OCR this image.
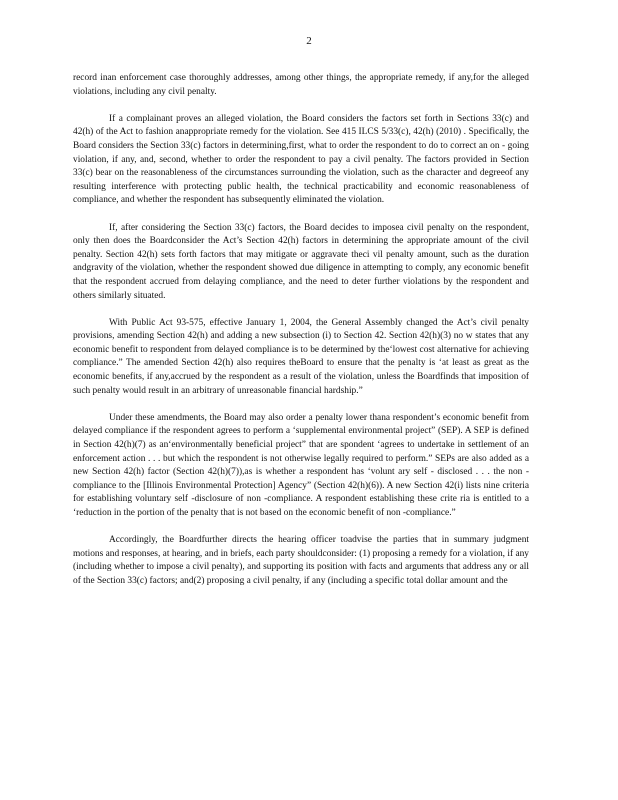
2

record inan enforcement case thoroughly addresses, among other things, the appropriate remedy, if any,for the alleged violations, including any civil penalty.

If a complainant proves an alleged violation, the Board considers the factors set forth in Sections 33(c) and 42(h) of the Act to fashion anappropriate remedy for the violation. See 415 ILCS 5/33(c), 42(h) (2010) . Specifically, the Board considers the Section 33(c) factors in determining,first, what to order the respondent to do to correct an on - going violation, if any, and, second, whether to order the respondent to pay a civil penalty. The factors provided in Section 33(c) bear on the reasonableness of the circumstances surrounding the violation, such as the character and degreeof any resulting interference with protecting public health, the technical practicability and economic reasonableness of compliance, and whether the respondent has subsequently eliminated the violation.

If, after considering the Section 33(c) factors, the Board decides to imposea civil penalty on the respondent, only then does the Boardconsider the Act’s Section 42(h) factors in determining the appropriate amount of the civil penalty. Section 42(h) sets forth factors that may mitigate or aggravate theci vil penalty amount, such as the duration andgravity of the violation, whether the respondent showed due diligence in attempting to comply, any economic benefit that the respondent accrued from delaying compliance, and the need to deter further violations by the respondent and others similarly situated.

With Public Act 93-575, effective January 1, 2004, the General Assembly changed the Act’s civil penalty provisions, amending Section 42(h) and adding a new subsection (i) to Section 42. Section 42(h)(3) no w states that any economic benefit to respondent from delayed compliance is to be determined by the‘lowest cost alternative for achieving compliance.” The amended Section 42(h) also requires theBoard to ensure that the penalty is ‘at least as great as the economic benefits, if any,accrued by the respondent as a result of the violation, unless the Boardfinds that imposition of such penalty would result in an arbitrary of unreasonable financial hardship.”

Under these amendments, the Board may also order a penalty lower thana respondent’s economic benefit from delayed compliance if the respondent agrees to perform a ‘supplemental environmental project” (SEP). A SEP is defined in Section 42(h)(7) as an‘environmentally beneficial project” that are spondent ‘agrees to undertake in settlement of an enforcement action . . . but which the respondent is not otherwise legally required to perform.” SEPs are also added as a new Section 42(h) factor (Section 42(h)(7)),as is whether a respondent has ‘volunt ary self - disclosed . . . the non -compliance to the [Illinois Environmental Protection] Agency” (Section 42(h)(6)). A new Section 42(i) lists nine criteria for establishing voluntary self -disclosure of non -compliance. A respondent establishing these crite ria is entitled to a ‘reduction in the portion of the penalty that is not based on the economic benefit of non -compliance.”

Accordingly, the Boardfurther directs the hearing officer toadvise the parties that in summary judgment motions and responses, at hearing, and in briefs, each party shouldconsider: (1) proposing a remedy for a violation, if any (including whether to impose a civil penalty), and supporting its position with facts and arguments that address any or all of the Section 33(c) factors; and(2) proposing a civil penalty, if any (including a specific total dollar amount and the
